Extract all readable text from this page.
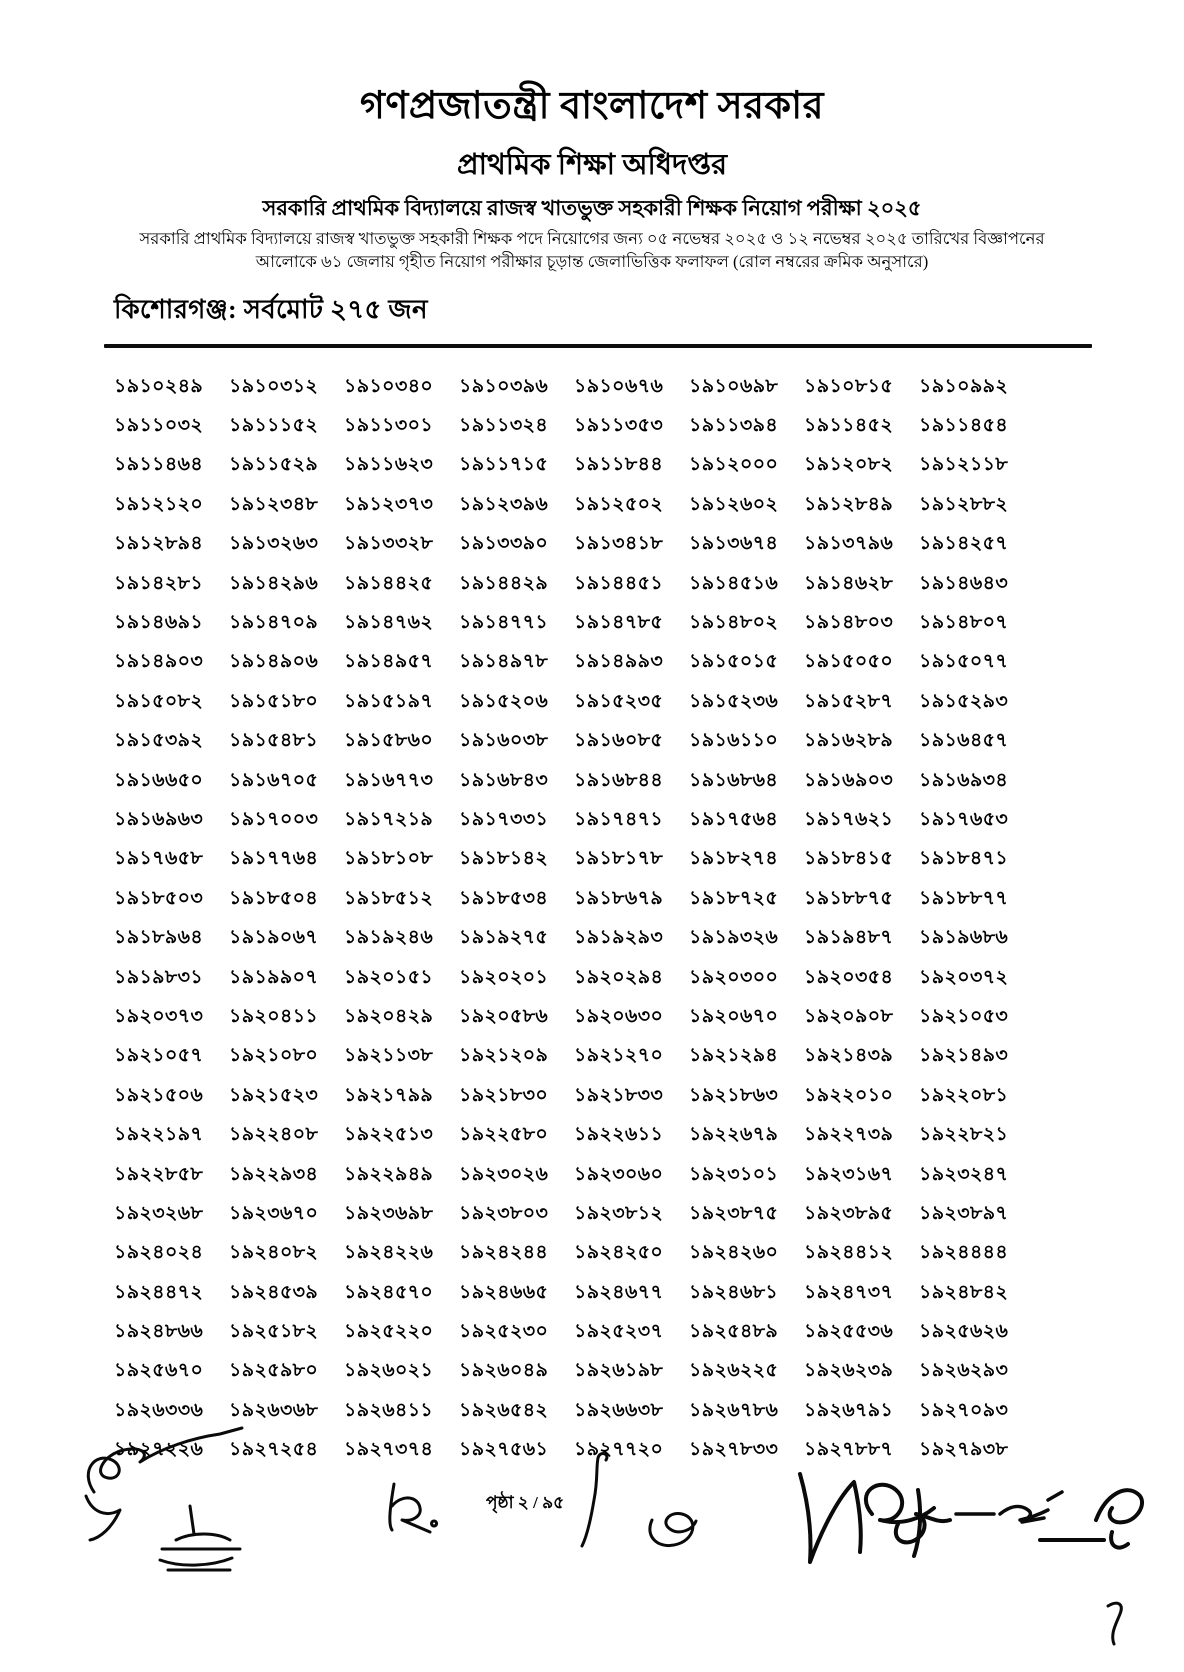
গণপ্রজাতন্ত্রী বাংলাদেশ সরকার
প্রাথমিক শিক্ষা অধিদপ্তর
সরকারি প্রাথমিক বিদ্যালয়ে রাজস্ব খাতভুক্ত সহকারী শিক্ষক নিয়োগ পরীক্ষা ২০২৫
সরকারি প্রাথমিক বিদ্যালয়ে রাজস্ব খাতভুক্ত সহকারী শিক্ষক পদে নিয়োগের জন্য ০৫ নভেম্বর ২০২৫ ও ১২ নভেম্বর ২০২৫ তারিখের বিজ্ঞাপনের
আলোকে ৬১ জেলায় গৃহীত নিয়োগ পরীক্ষার চূড়ান্ত জেলাভিত্তিক ফলাফল (রোল নম্বরের ক্রমিক অনুসারে)
কিশোরগঞ্জ: সর্বমোট ২৭৫ জন
১৯১০২৪৯	১৯১০৩১২	১৯১০৩৪০	১৯১০৩৯৬	১৯১০৬৭৬	১৯১০৬৯৮	১৯১০৮১৫	১৯১০৯৯২
১৯১১০৩২	১৯১১১৫২	১৯১১৩০১	১৯১১৩২৪	১৯১১৩৫৩	১৯১১৩৯৪	১৯১১৪৫২	১৯১১৪৫৪
১৯১১৪৬৪	১৯১১৫২৯	১৯১১৬২৩	১৯১১৭১৫	১৯১১৮৪৪	১৯১২০০০	১৯১২০৮২	১৯১২১১৮
১৯১২১২০	১৯১২৩৪৮	১৯১২৩৭৩	১৯১২৩৯৬	১৯১২৫০২	১৯১২৬০২	১৯১২৮৪৯	১৯১২৮৮২
১৯১২৮৯৪	১৯১৩২৬৩	১৯১৩৩২৮	১৯১৩৩৯০	১৯১৩৪১৮	১৯১৩৬৭৪	১৯১৩৭৯৬	১৯১৪২৫৭
১৯১৪২৮১	১৯১৪২৯৬	১৯১৪৪২৫	১৯১৪৪২৯	১৯১৪৪৫১	১৯১৪৫১৬	১৯১৪৬২৮	১৯১৪৬৪৩
১৯১৪৬৯১	১৯১৪৭০৯	১৯১৪৭৬২	১৯১৪৭৭১	১৯১৪৭৮৫	১৯১৪৮০২	১৯১৪৮০৩	১৯১৪৮০৭
১৯১৪৯০৩	১৯১৪৯০৬	১৯১৪৯৫৭	১৯১৪৯৭৮	১৯১৪৯৯৩	১৯১৫০১৫	১৯১৫০৫০	১৯১৫০৭৭
১৯১৫০৮২	১৯১৫১৮০	১৯১৫১৯৭	১৯১৫২০৬	১৯১৫২৩৫	১৯১৫২৩৬	১৯১৫২৮৭	১৯১৫২৯৩
১৯১৫৩৯২	১৯১৫৪৮১	১৯১৫৮৬০	১৯১৬০৩৮	১৯১৬০৮৫	১৯১৬১১০	১৯১৬২৮৯	১৯১৬৪৫৭
১৯১৬৬৫০	১৯১৬৭০৫	১৯১৬৭৭৩	১৯১৬৮৪৩	১৯১৬৮৪৪	১৯১৬৮৬৪	১৯১৬৯০৩	১৯১৬৯৩৪
১৯১৬৯৬৩	১৯১৭০০৩	১৯১৭২১৯	১৯১৭৩৩১	১৯১৭৪৭১	১৯১৭৫৬৪	১৯১৭৬২১	১৯১৭৬৫৩
১৯১৭৬৫৮	১৯১৭৭৬৪	১৯১৮১০৮	১৯১৮১৪২	১৯১৮১৭৮	১৯১৮২৭৪	১৯১৮৪১৫	১৯১৮৪৭১
১৯১৮৫০৩	১৯১৮৫০৪	১৯১৮৫১২	১৯১৮৫৩৪	১৯১৮৬৭৯	১৯১৮৭২৫	১৯১৮৮৭৫	১৯১৮৮৭৭
১৯১৮৯৬৪	১৯১৯০৬৭	১৯১৯২৪৬	১৯১৯২৭৫	১৯১৯২৯৩	১৯১৯৩২৬	১৯১৯৪৮৭	১৯১৯৬৮৬
১৯১৯৮৩১	১৯১৯৯০৭	১৯২০১৫১	১৯২০২০১	১৯২০২৯৪	১৯২০৩০০	১৯২০৩৫৪	১৯২০৩৭২
১৯২০৩৭৩	১৯২০৪১১	১৯২০৪২৯	১৯২০৫৮৬	১৯২০৬৩০	১৯২০৬৭০	১৯২০৯০৮	১৯২১০৫৩
১৯২১০৫৭	১৯২১০৮০	১৯২১১৩৮	১৯২১২০৯	১৯২১২৭০	১৯২১২৯৪	১৯২১৪৩৯	১৯২১৪৯৩
১৯২১৫০৬	১৯২১৫২৩	১৯২১৭৯৯	১৯২১৮৩০	১৯২১৮৩৩	১৯২১৮৬৩	১৯২২০১০	১৯২২০৮১
১৯২২১৯৭	১৯২২৪০৮	১৯২২৫১৩	১৯২২৫৮০	১৯২২৬১১	১৯২২৬৭৯	১৯২২৭৩৯	১৯২২৮২১
১৯২২৮৫৮	১৯২২৯৩৪	১৯২২৯৪৯	১৯২৩০২৬	১৯২৩০৬০	১৯২৩১০১	১৯২৩১৬৭	১৯২৩২৪৭
১৯২৩২৬৮	১৯২৩৬৭০	১৯২৩৬৯৮	১৯২৩৮০৩	১৯২৩৮১২	১৯২৩৮৭৫	১৯২৩৮৯৫	১৯২৩৮৯৭
১৯২৪০২৪	১৯২৪০৮২	১৯২৪২২৬	১৯২৪২৪৪	১৯২৪২৫০	১৯২৪২৬০	১৯২৪৪১২	১৯২৪৪৪৪
১৯২৪৪৭২	১৯২৪৫৩৯	১৯২৪৫৭০	১৯২৪৬৬৫	১৯২৪৬৭৭	১৯২৪৬৮১	১৯২৪৭৩৭	১৯২৪৮৪২
১৯২৪৮৬৬	১৯২৫১৮২	১৯২৫২২০	১৯২৫২৩০	১৯২৫২৩৭	১৯২৫৪৮৯	১৯২৫৫৩৬	১৯২৫৬২৬
১৯২৫৬৭০	১৯২৫৯৮০	১৯২৬০২১	১৯২৬০৪৯	১৯২৬১৯৮	১৯২৬২২৫	১৯২৬২৩৯	১৯২৬২৯৩
১৯২৬৩৩৬	১৯২৬৩৬৮	১৯২৬৪১১	১৯২৬৫৪২	১৯২৬৬৩৮	১৯২৬৭৮৬	১৯২৬৭৯১	১৯২৭০৯৩
১৯২৭২২৬	১৯২৭২৫৪	১৯২৭৩৭৪	১৯২৭৫৬১	১৯২৭৭২০	১৯২৭৮৩৩	১৯২৭৮৮৭	১৯২৭৯৩৮
পৃষ্ঠা ২ / ৯৫
